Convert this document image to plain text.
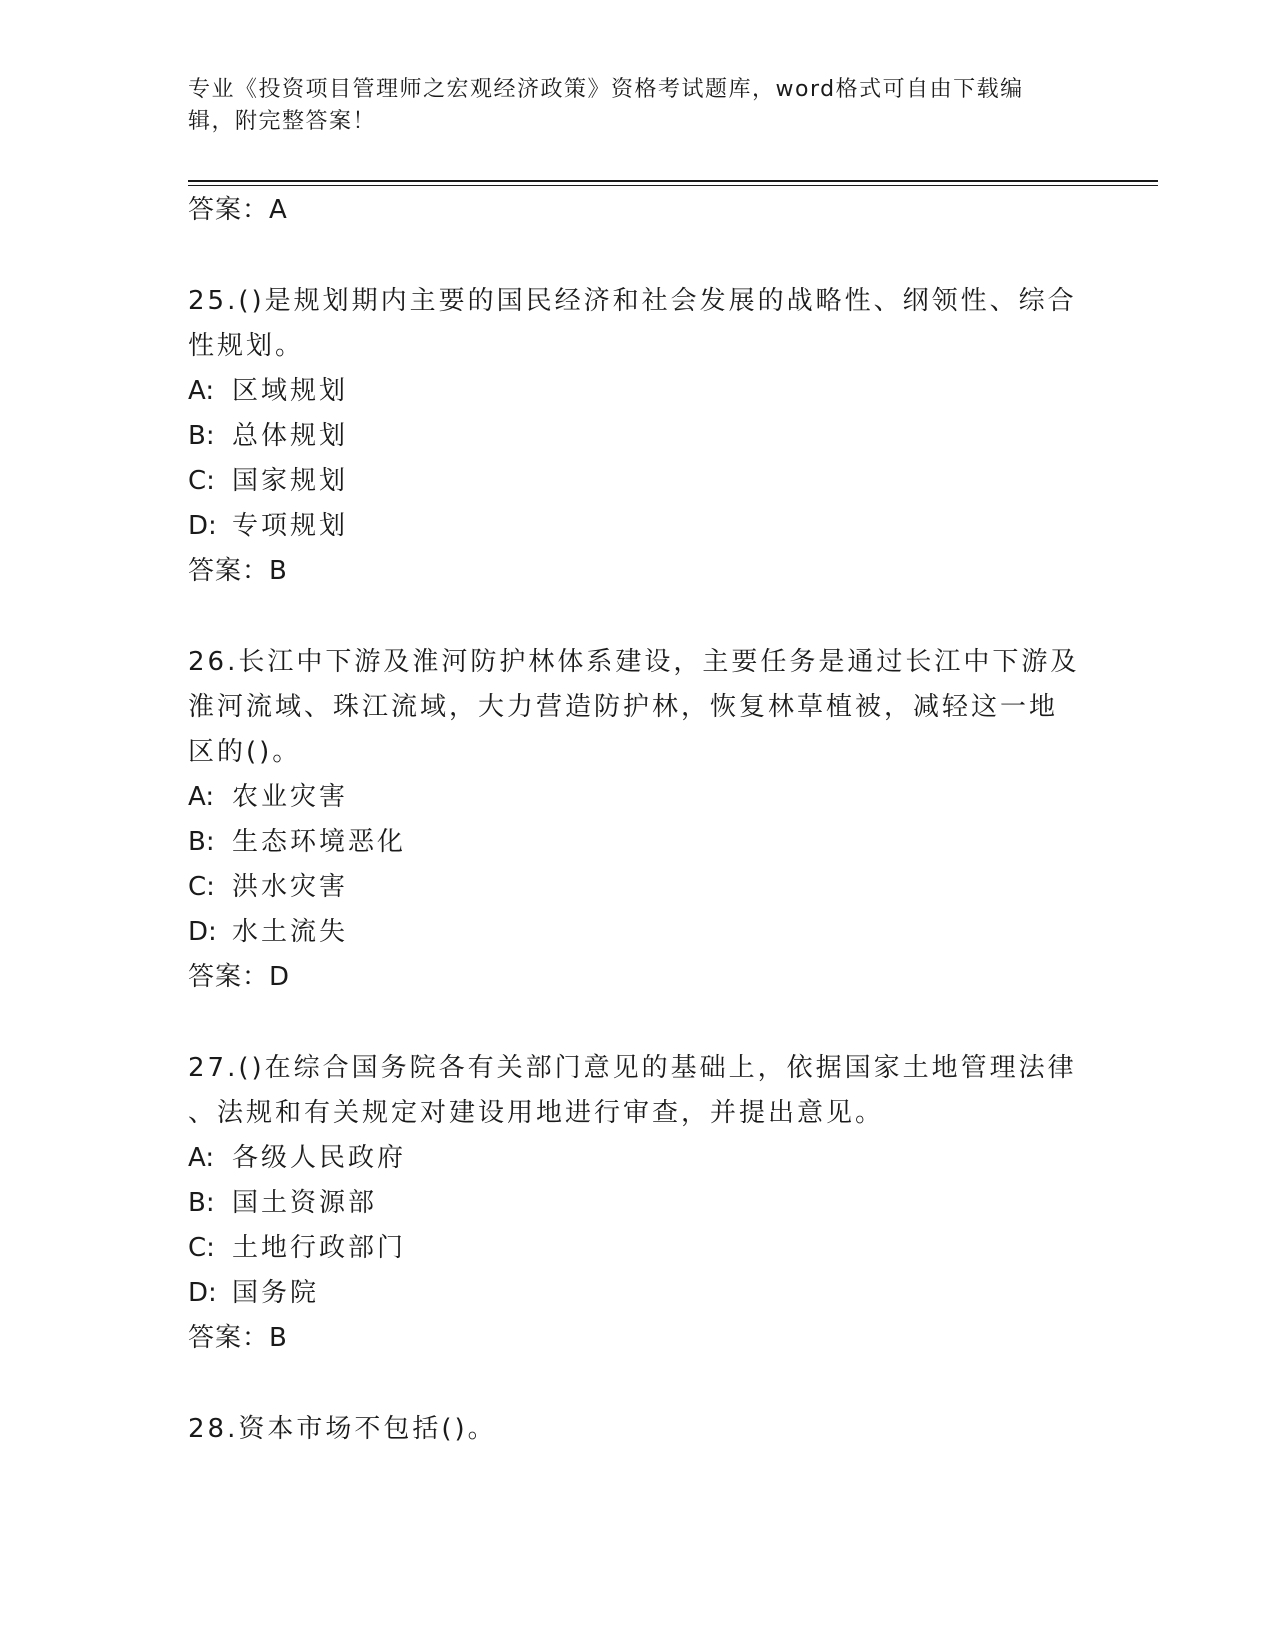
专业《投资项目管理师之宏观经济政策》资格考试题库，word格式可自由下载编
辑，附完整答案！
答案：A
25.()是规划期内主要的国民经济和社会发展的战略性、纲领性、综合
性规划。
A: 区域规划
B: 总体规划
C: 国家规划
D: 专项规划
答案：B
26.长江中下游及淮河防护林体系建设，主要任务是通过长江中下游及
淮河流域、珠江流域，大力营造防护林，恢复林草植被，减轻这一地
区的()。
A: 农业灾害
B: 生态环境恶化
C: 洪水灾害
D: 水土流失
答案：D
27.()在综合国务院各有关部门意见的基础上，依据国家土地管理法律
、法规和有关规定对建设用地进行审查，并提出意见。
A: 各级人民政府
B: 国土资源部
C: 土地行政部门
D: 国务院
答案：B
28.资本市场不包括()。
